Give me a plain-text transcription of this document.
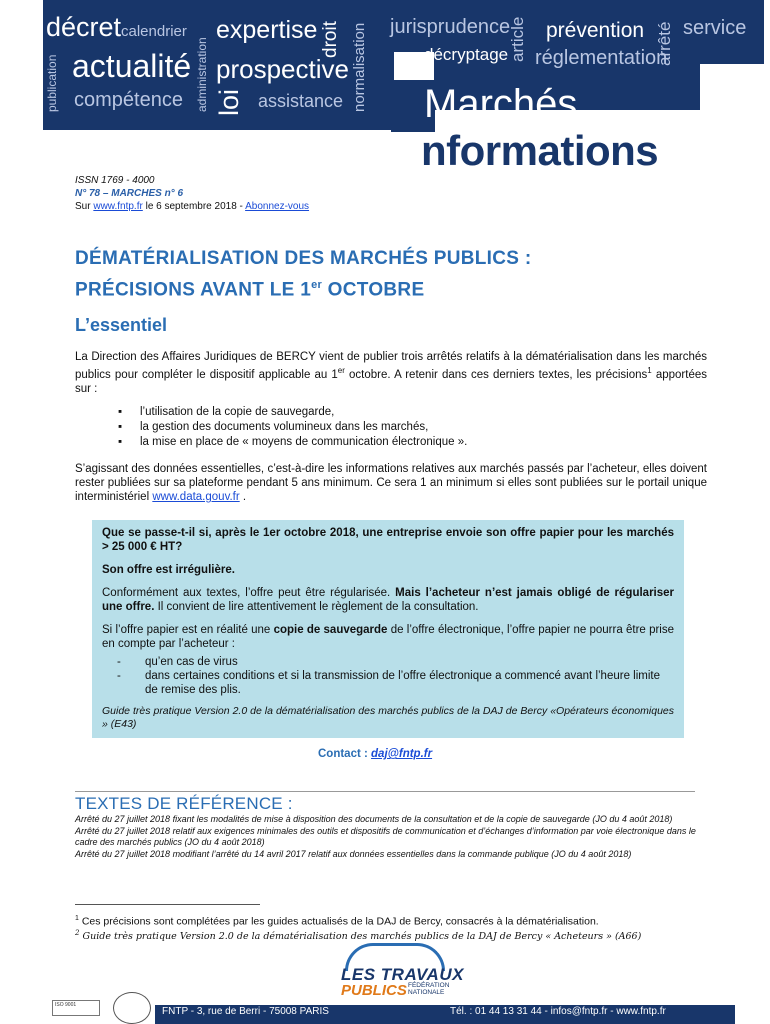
décret calendrier
administration
expertise droit normalisation jurisprudence
article prévention arrêté service
publication actualité prospective	décryptage réglementation
compétence loi assistance Marchés
nformations
ISSN 1769 - 4000
N° 78 – MARCHES n° 6
Sur www.fntp.fr le 6 septembre 2018 - Abonnez-vous
DÉMATÉRIALISATION DES MARCHÉS PUBLICS :
PRÉCISIONS AVANT LE 1er OCTOBRE
L’essentiel
La Direction des Affaires Juridiques de BERCY vient de publier trois arrêtés relatifs à la dématérialisation dans les marchés publics pour compléter le dispositif applicable au 1er octobre. A retenir dans ces derniers textes, les précisions$^1$ apportées sur :
▪ l’utilisation de la copie de sauvegarde,
▪ la gestion des documents volumineux dans les marchés,
▪ la mise en place de « moyens de communication électronique ».
S’agissant des données essentielles, c’est-à-dire les informations relatives aux marchés passés par l’acheteur, elles doivent rester publiées sur sa plateforme pendant 5 ans minimum. Ce sera 1 an minimum si elles sont publiées sur le portail unique interministériel www.data.gouv.fr .

Que se passe-t-il si, après le 1er octobre 2018, une entreprise envoie son offre papier pour les marchés > 25 000 € HT?

Son offre est irrégulière.

Conformément aux textes, l’offre peut être régularisée. Mais l’acheteur n’est jamais obligé de régulariser une offre. Il convient de lire attentivement le règlement de la consultation.

Si l’offre papier est en réalité une copie de sauvegarde de l’offre électronique, l’offre papier ne pourra être prise en compte par l’acheteur :

-	qu’en cas de virus
-	dans certaines conditions et si la transmission de l’offre électronique a commencé avant l’heure limite de remise des plis.

Guide très pratique Version 2.0 de la dématérialisation des marchés publics de la DAJ de Bercy «Opérateurs économiques » (E43)

Contact : daj@fntp.fr
TEXTES DE RÉFÉRENCE :
Arrêté du 27 juillet 2018 fixant les modalités de mise à disposition des documents de la consultation et de la copie de sauvegarde (JO du 4 août 2018)
Arrêté du 27 juillet 2018 relatif aux exigences minimales des outils et dispositifs de communication et d’échanges d’information par voie électronique dans le cadre des marchés publics (JO du 4 août 2018)
Arrêté du 27 juillet 2018 modifiant l’arrêté du 14 avril 2017 relatif aux données essentielles dans la commande publique (JO du 4 août 2018)
$^1$ Ces précisions sont complétées par les guides actualisés de la DAJ de Bercy, consacrés à la dématérialisation.
$^2$ Guide très pratique Version 2.0 de la dématérialisation des marchés publics de la DAJ de Bercy « Acheteurs » (A66)
LES TRAVAUX
PUBLICS FÉDÉRATION
NATIONALE
ISO 9001
FNTP - 3, rue de Berri - 75008 PARIS	Tél. : 01 44 13 31 44 - infos@fntp.fr - www.fntp.fr
